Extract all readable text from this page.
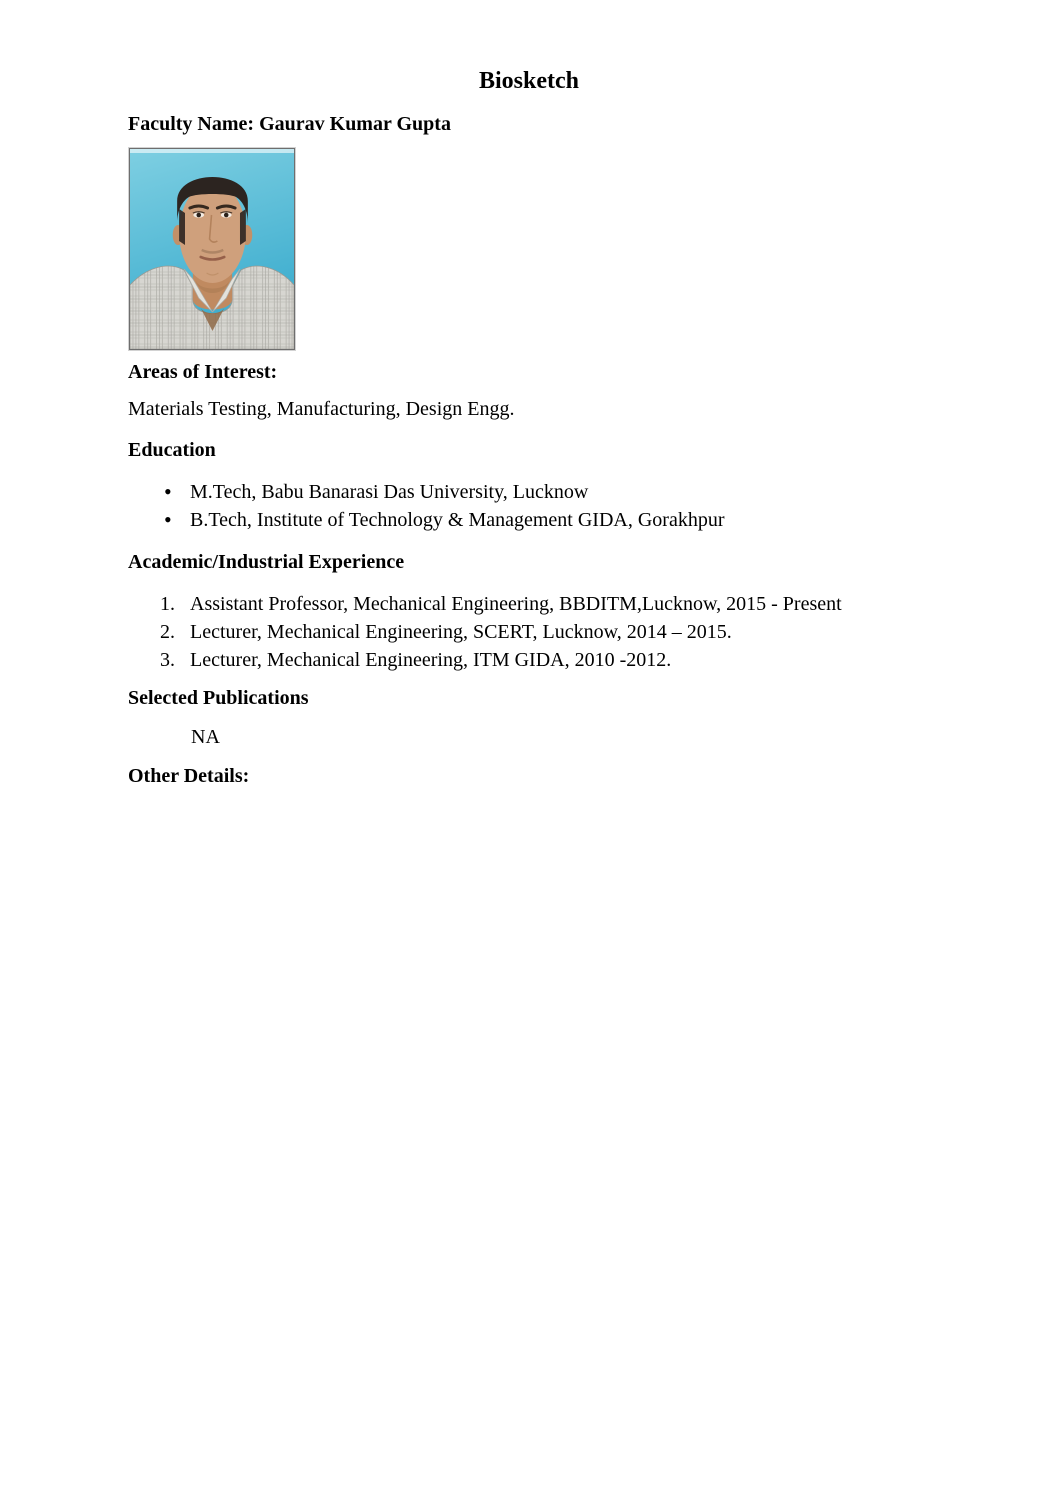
Biosketch
Faculty Name: Gaurav Kumar Gupta
Areas of Interest:
Materials Testing, Manufacturing, Design Engg.
Education
• M.Tech, Babu Banarasi Das University, Lucknow
• B.Tech, Institute of Technology & Management GIDA, Gorakhpur
Academic/Industrial Experience
Assistant Professor, Mechanical Engineering, BBDITM,Lucknow, 2015 - Present
Lecturer, Mechanical Engineering, SCERT, Lucknow, 2014 – 2015.
Lecturer, Mechanical Engineering, ITM GIDA, 2010 -2012.
Selected Publications
NA
Other Details:
